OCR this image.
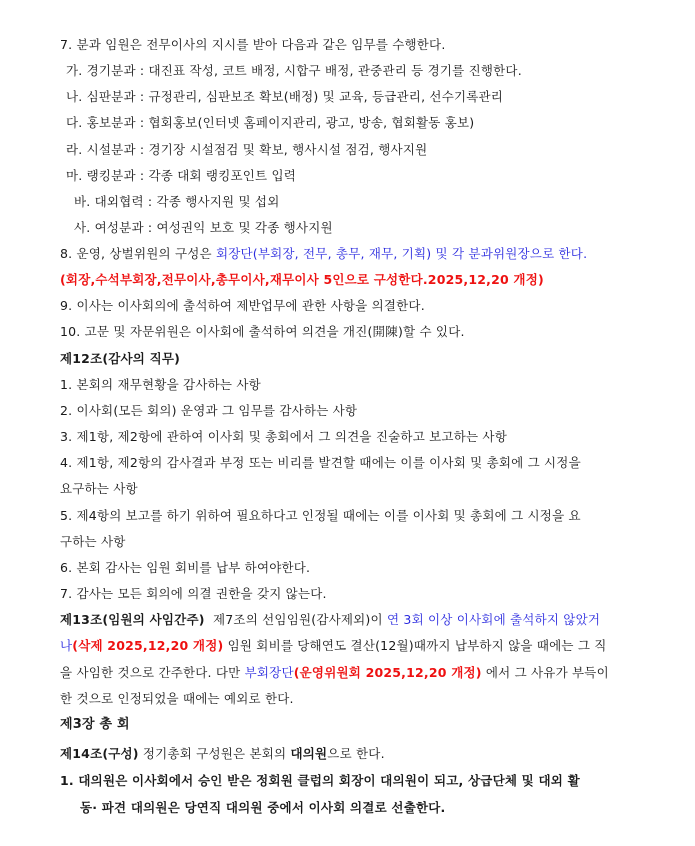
7. 분과 임원은 전무이사의 지시를 받아 다음과 같은 임무를 수행한다.
가. 경기분과 : 대진표 작성, 코트 배정, 시합구 배정, 관중관리 등 경기를 진행한다.
나. 심판분과 : 규정관리, 심판보조 확보(배정) 및 교육, 등급관리, 선수기록관리
다. 홍보분과 : 협회홍보(인터넷 홈페이지관리, 광고, 방송, 협회활동 홍보)
라. 시설분과 : 경기장 시설점검 및 확보, 행사시설 점검, 행사지원
마. 랭킹분과 : 각종 대회 랭킹포인트 입력
바. 대외협력 : 각종 행사지원 및 섭외
사. 여성분과 : 여성권익 보호 및 각종 행사지원
8. 운영, 상벌위원의 구성은 회장단(부회장, 전무, 총무, 재무, 기획) 및 각 분과위원장으로 한다.
(회장,수석부회장,전무이사,총무이사,재무이사 5인으로 구성한다.2025,12,20 개정)
9. 이사는 이사회의에 출석하여 제반업무에 관한 사항을 의결한다.
10. 고문 및 자문위원은 이사회에 출석하여 의견을 개진(開陳)할 수 있다.
제12조(감사의 직무)
1. 본회의 재무현황을 감사하는 사항
2. 이사회(모든 회의) 운영과 그 임무를 감사하는 사항
3. 제1항, 제2항에 관하여 이사회 및 총회에서 그 의견을 진술하고 보고하는 사항
4. 제1항, 제2항의 감사결과 부정 또는 비리를 발견할 때에는 이를 이사회 및 총회에 그 시정을
요구하는 사항
5. 제4항의 보고를 하기 위하여 필요하다고 인정될 때에는 이를 이사회 및 총회에 그 시정을 요
구하는 사항
6. 본회 감사는 임원 회비를 납부 하여야한다.
7. 감사는 모든 회의에 의결 권한을 갖지 않는다.
제13조(임원의 사임간주)  제7조의 선임임원(감사제외)이 연 3회 이상 이사회에 출석하지 않았거
나(삭제 2025,12,20 개정) 임원 회비를 당해연도 결산(12월)때까지 납부하지 않을 때에는 그 직
을 사임한 것으로 간주한다. 다만 부회장단(운영위원회 2025,12,20 개정) 에서 그 사유가 부득이
한 것으로 인정되었을 때에는 예외로 한다.
제3장 총 회
제14조(구성) 정기총회 구성원은 본회의 대의원으로 한다.
1. 대의원은 이사회에서 승인 받은 정회원 클럽의 회장이 대의원이 되고, 상급단체 및 대외 활
동· 파견 대의원은 당연직 대의원 중에서 이사회 의결로 선출한다.
